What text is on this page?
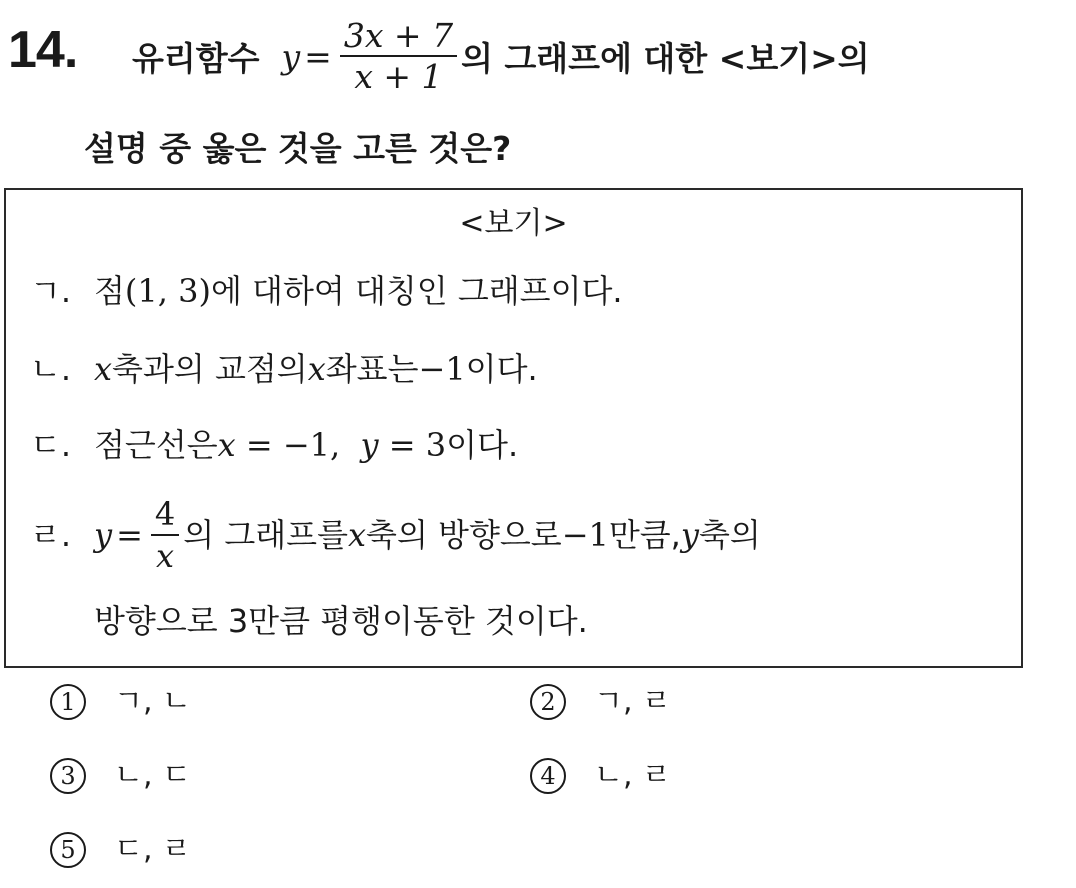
14. 유리함수 $y = \frac{3x + 7}{x + 1}$ 의 그래프에 대한 <보기>의
설명 중 옳은 것을 고른 것은?
<보기>
ㄱ. 점 (1, 3) 에 대하여 대칭인 그래프이다.
ㄴ. x 축과의 교점의 x 좌표는 −1 이다.
ㄷ. 점근선은 x = −1, y = 3 이다.
ㄹ. $y = \frac{4}{x}$ 의 그래프를 x 축의 방향으로 −1 만큼, y 축의
방향으로 3만큼 평행이동한 것이다.
1	ㄱ, ㄴ	2	ㄱ, ㄹ
3	ㄴ, ㄷ	4	ㄴ, ㄹ
5	ㄷ, ㄹ
